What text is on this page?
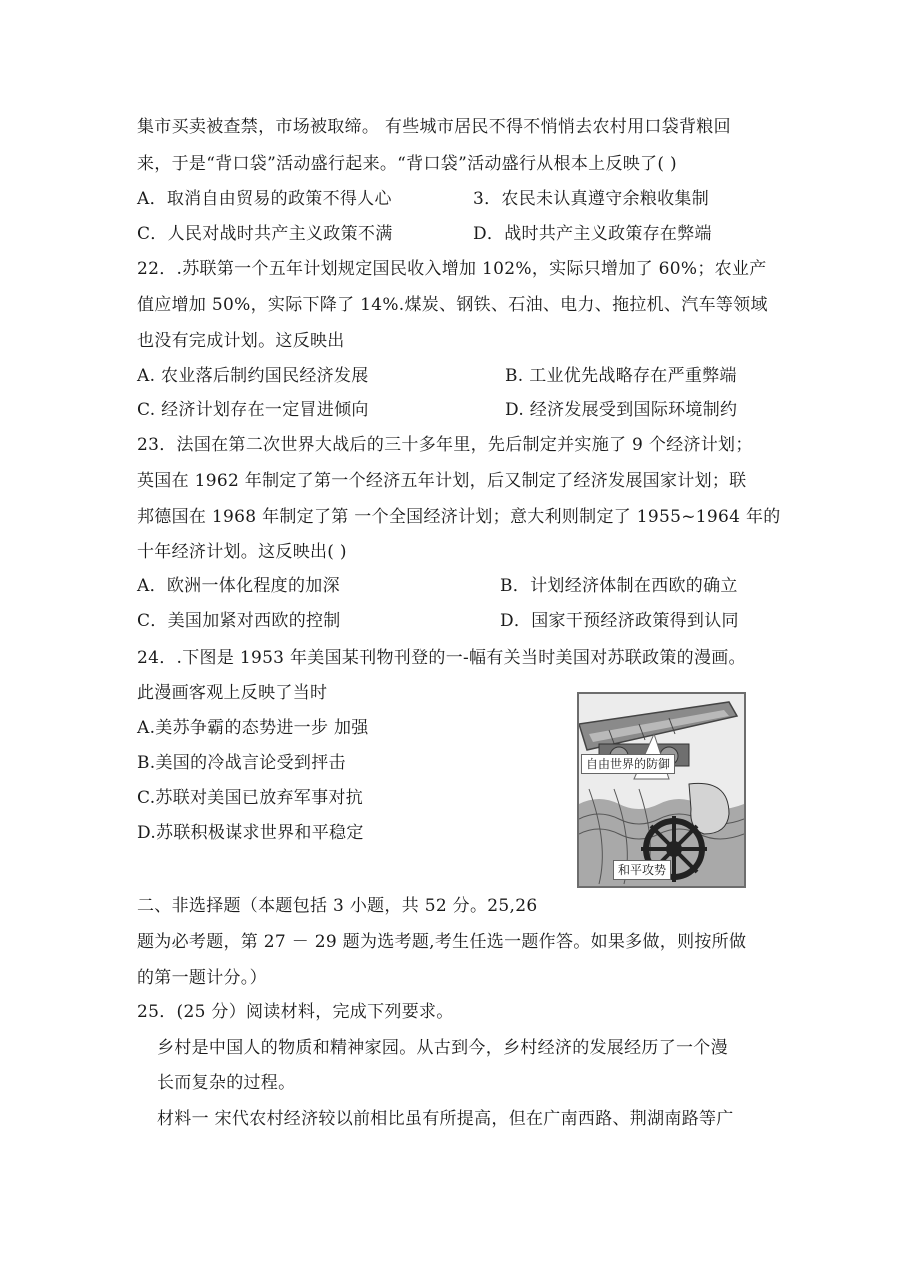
集市买卖被查禁，市场被取缔。 有些城市居民不得不悄悄去农村用口袋背粮回
来，于是“背口袋”活动盛行起来。“背口袋”活动盛行从根本上反映了( )
A．取消自由贸易的政策不得人心	3．农民未认真遵守余粮收集制
C．人民对战时共产主义政策不满	D．战时共产主义政策存在弊端
22．.苏联第一个五年计划规定国民收入增加 102%，实际只增加了 60%；农业产
值应增加 50%，实际下降了 14%.煤炭、钢铁、石油、电力、拖拉机、汽车等领域
也没有完成计划。这反映出
A. 农业落后制约国民经济发展	B. 工业优先战略存在严重弊端
C. 经济计划存在一定冒进倾向	D. 经济发展受到国际环境制约
23．法国在第二次世界大战后的三十多年里，先后制定并实施了 9 个经济计划；
英国在 1962 年制定了第一个经济五年计划，后又制定了经济发展国家计划；联
邦德国在 1968 年制定了第 一个全国经济计划；意大利则制定了 1955~1964 年的
十年经济计划。这反映出( )
A．欧洲一体化程度的加深	B．计划经济体制在西欧的确立
C．美国加紧对西欧的控制	D．国家干预经济政策得到认同
24．.下图是 1953 年美国某刊物刊登的一-幅有关当时美国对苏联政策的漫画。
此漫画客观上反映了当时
A.美苏争霸的态势进一步 加强
B.美国的冷战言论受到抨击
C.苏联对美国已放弃军事对抗
D.苏联积极谋求世界和平稳定
自由世界的防御
和平攻势
二、非选择题（本题包括 3 小题，共 52 分。25,26
题为必考题，第 27 － 29 题为选考题,考生任选一题作答。如果多做，则按所做
的第一题计分。）
25．(25 分）阅读材料，完成下列要求。
乡村是中国人的物质和精神家园。从古到今，乡村经济的发展经历了一个漫
长而复杂的过程。
材料一 宋代农村经济较以前相比虽有所提高，但在广南西路、荆湖南路等广
